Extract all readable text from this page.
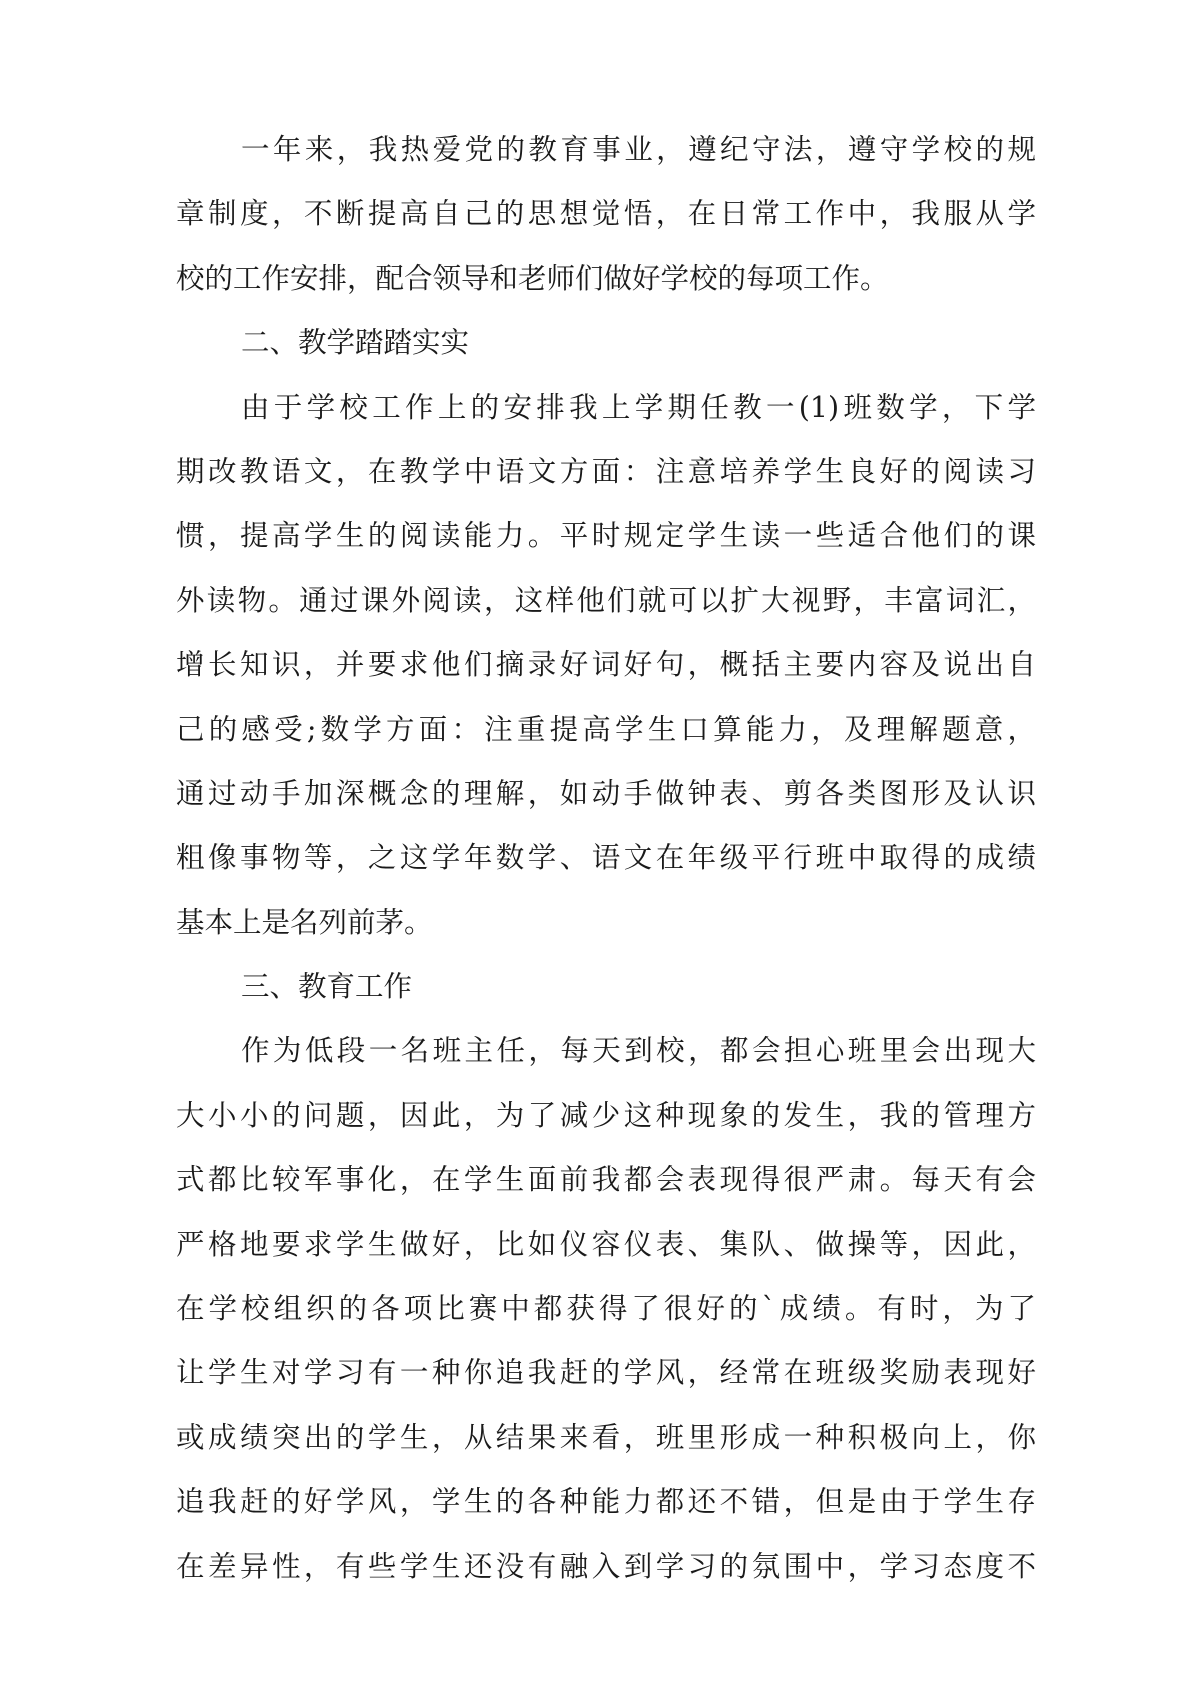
一年来，我热爱党的教育事业，遵纪守法，遵守学校的规
章制度，不断提高自己的思想觉悟，在日常工作中，我服从学
校的工作安排，配合领导和老师们做好学校的每项工作。
二、教学踏踏实实
由于学校工作上的安排我上学期任教一(1)班数学，下学
期改教语文，在教学中语文方面：注意培养学生良好的阅读习
惯，提高学生的阅读能力。平时规定学生读一些适合他们的课
外读物。通过课外阅读，这样他们就可以扩大视野，丰富词汇，
增长知识，并要求他们摘录好词好句，概括主要内容及说出自
己的感受;数学方面：注重提高学生口算能力，及理解题意，
通过动手加深概念的理解，如动手做钟表、剪各类图形及认识
粗像事物等，之这学年数学、语文在年级平行班中取得的成绩
基本上是名列前茅。
三、教育工作
作为低段一名班主任，每天到校，都会担心班里会出现大
大小小的问题，因此，为了减少这种现象的发生，我的管理方
式都比较军事化，在学生面前我都会表现得很严肃。每天有会
严格地要求学生做好，比如仪容仪表、集队、做操等，因此，
在学校组织的各项比赛中都获得了很好的`成绩。有时，为了
让学生对学习有一种你追我赶的学风，经常在班级奖励表现好
或成绩突出的学生，从结果来看，班里形成一种积极向上，你
追我赶的好学风，学生的各种能力都还不错，但是由于学生存
在差异性，有些学生还没有融入到学习的氛围中，学习态度不
